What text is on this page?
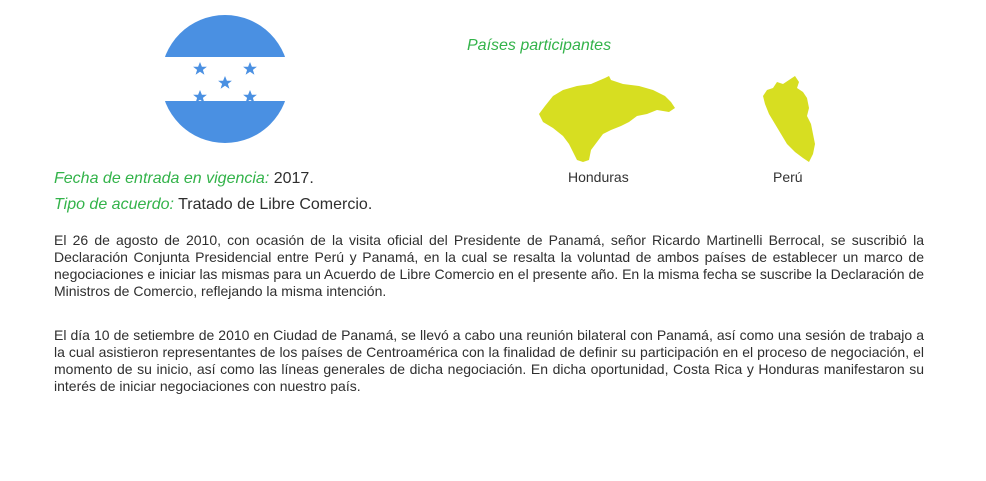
Países participantes
Honduras	Perú
Fecha de entrada en vigencia: 2017.
Tipo de acuerdo: Tratado de Libre Comercio.

El 26 de agosto de 2010, con ocasión de la visita oficial del Presidente de Panamá, señor Ricardo Martinelli Berrocal, se suscribió la Declaración Conjunta Presidencial entre Perú y Panamá, en la cual se resalta la voluntad de ambos países de establecer un marco de negociaciones e iniciar las mismas para un Acuerdo de Libre Comercio en el presente año. En la misma fecha se suscribe la Declaración de Ministros de Comercio, reflejando la misma intención.

El día 10 de setiembre de 2010 en Ciudad de Panamá, se llevó a cabo una reunión bilateral con Panamá, así como una sesión de trabajo a la cual asistieron representantes de los países de Centroamérica con la finalidad de definir su participación en el proceso de negociación, el momento de su inicio, así como las líneas generales de dicha negociación. En dicha oportunidad, Costa Rica y Honduras manifestaron su interés de iniciar negociaciones con nuestro país.
